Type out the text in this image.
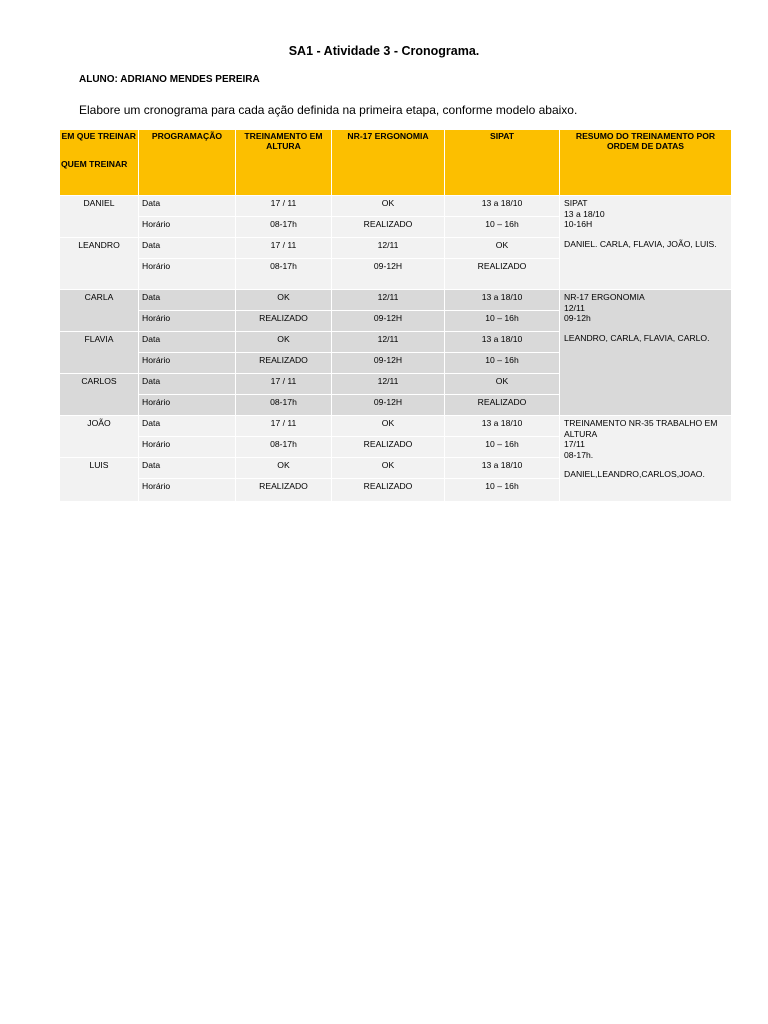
SA1 - Atividade 3 - Cronograma.
ALUNO: ADRIANO MENDES PEREIRA
Elabore um cronograma para cada ação definida na primeira etapa, conforme modelo abaixo.
EM QUE TREINAR
QUEM TREINAR	PROGRAMAÇÃO	TREINAMENTO EM ALTURA	NR-17 ERGONOMIA	SIPAT	RESUMO DO TREINAMENTO POR ORDEM DE DATAS
DANIEL	Data	17 / 11	OK	13 a 18/10	SIPAT
13 a 18/10
10-16H
DANIEL. CARLA, FLAVIA, JOÃO, LUIS.

	Horário	08-17h	REALIZADO	10 – 16h	
LEANDRO	Data	17 / 11	12/11	OK	
	Horário	08-17h	09-12H	REALIZADO	
CARLA	Data	OK	12/11	13 a 18/10	NR-17 ERGONOMIA
12/11
09-12h
LEANDRO, CARLA, FLAVIA, CARLO.

	Horário	REALIZADO	09-12H	10 – 16h	
FLAVIA	Data	OK	12/11	13 a 18/10	
	Horário	REALIZADO	09-12H	10 – 16h	
CARLOS	Data	17 / 11	12/11	OK	
	Horário	08-17h	09-12H	REALIZADO	
JOÃO	Data	17 / 11	OK	13 a 18/10	TREINAMENTO NR-35 TRABALHO EM ALTURA
17/11
08-17h.
DANIEL,LEANDRO,CARLOS,JOAO.

	Horário	08-17h	REALIZADO	10 – 16h	
LUIS	Data	OK	OK	13 a 18/10	
	Horário	REALIZADO	REALIZADO	10 – 16h	
